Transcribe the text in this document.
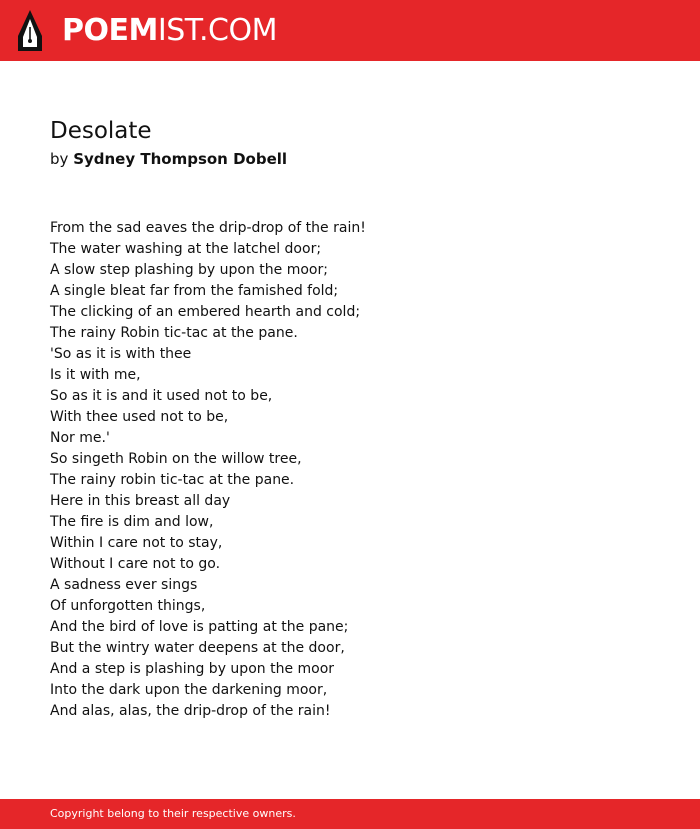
POEMIST.COM
Desolate
by Sydney Thompson Dobell
From the sad eaves the drip-drop of the rain!
The water washing at the latchel door;
A slow step plashing by upon the moor;
A single bleat far from the famished fold;
The clicking of an embered hearth and cold;
The rainy Robin tic-tac at the pane.
'So as it is with thee
Is it with me,
So as it is and it used not to be,
With thee used not to be,
Nor me.'
So singeth Robin on the willow tree,
The rainy robin tic-tac at the pane.
Here in this breast all day
The fire is dim and low,
Within I care not to stay,
Without I care not to go.
A sadness ever sings
Of unforgotten things,
And the bird of love is patting at the pane;
But the wintry water deepens at the door,
And a step is plashing by upon the moor
Into the dark upon the darkening moor,
And alas, alas, the drip-drop of the rain!
Copyright belong to their respective owners.
